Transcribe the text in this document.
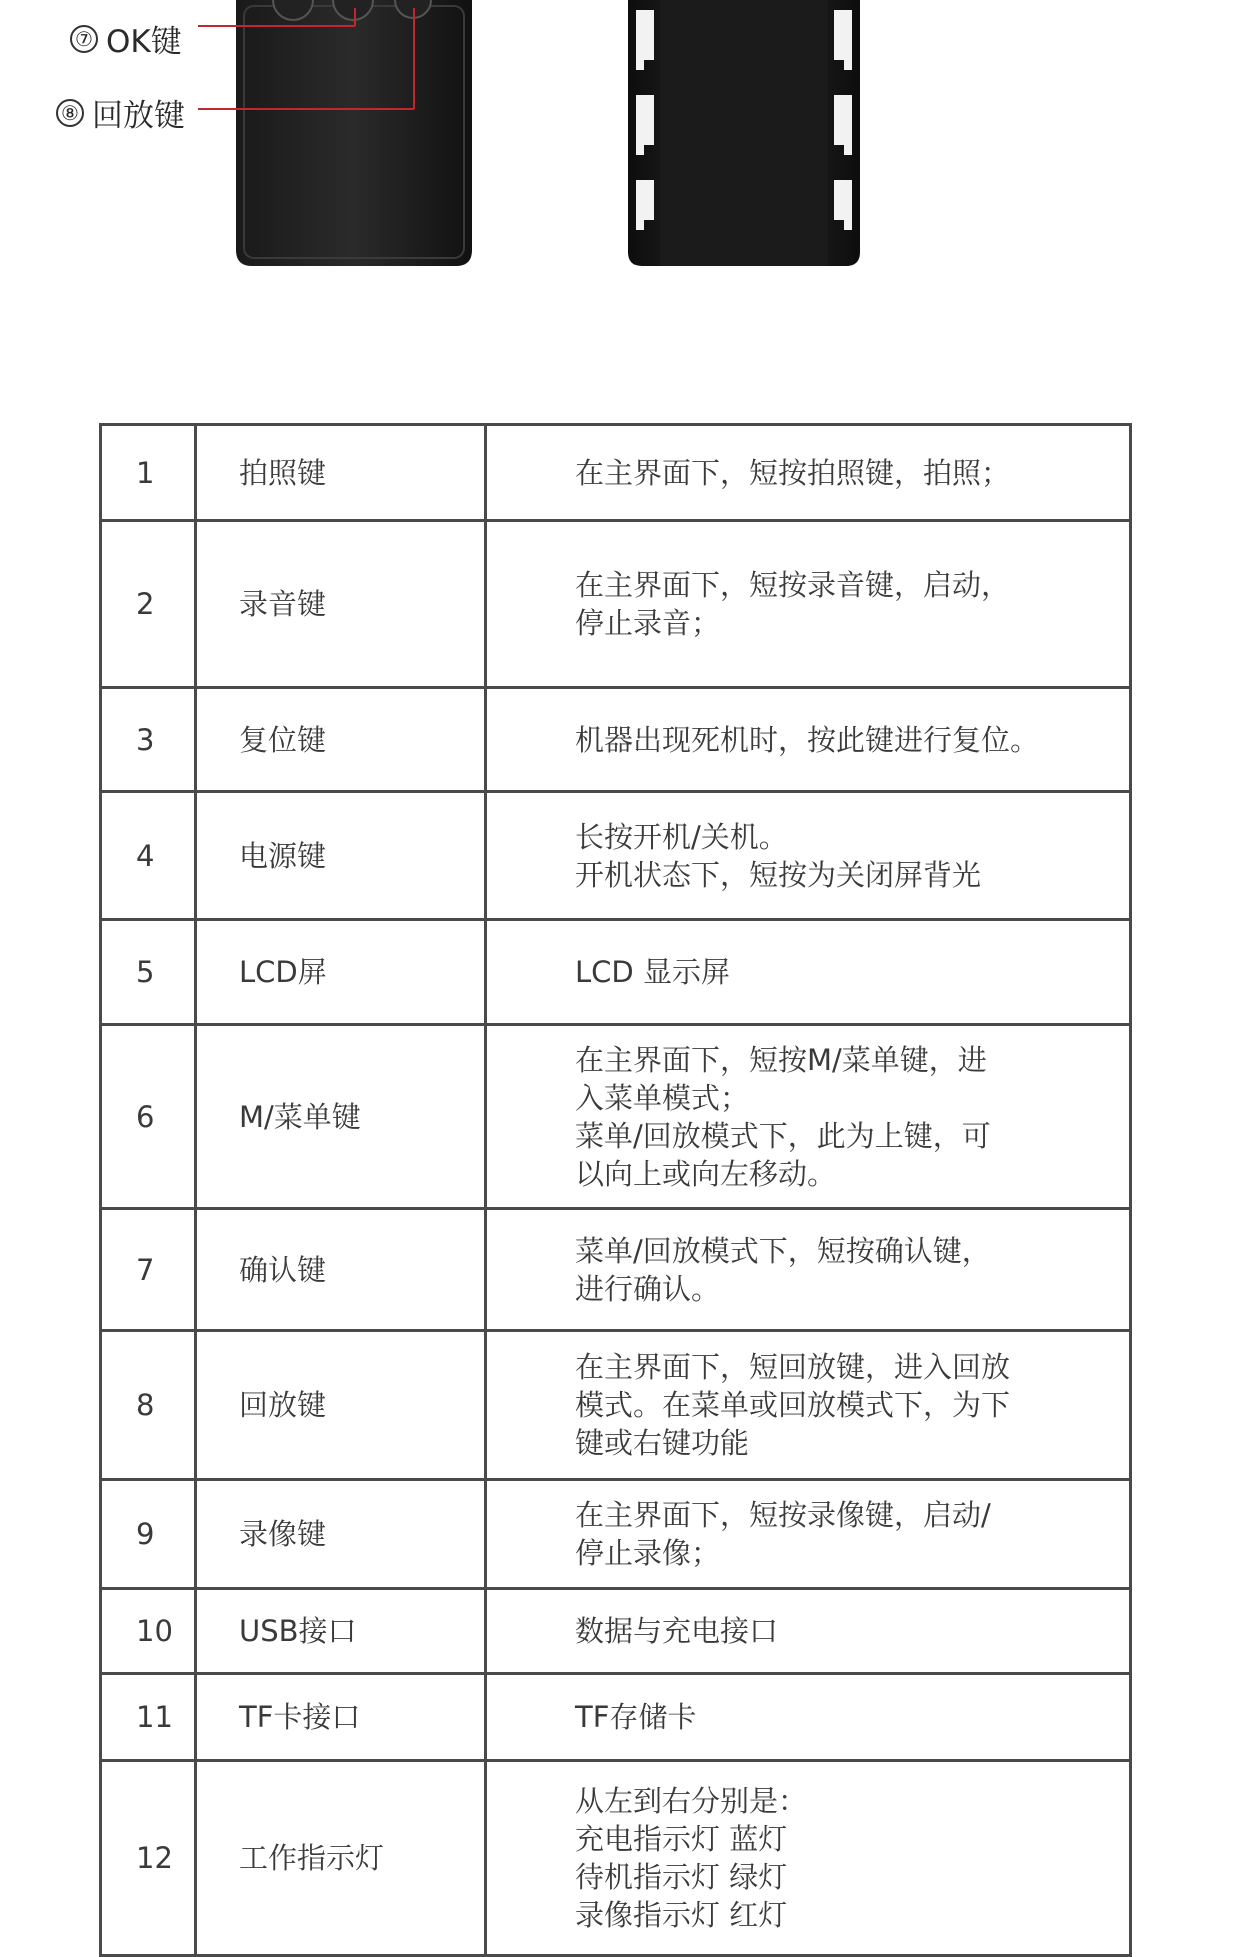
⑦ OK键
⑧ 回放键
1	拍照键	在主界面下，短按拍照键，拍照；
2	录音键	在主界面下，短按录音键，启动，
停止录音；
3	复位键	机器出现死机时，按此键进行复位。
4	电源键	长按开机/关机。
开机状态下，短按为关闭屏背光
5	LCD屏	LCD 显示屏
6	M/菜单键	在主界面下，短按M/菜单键，进
入菜单模式；
菜单/回放模式下，此为上键，可
以向上或向左移动。
7	确认键	菜单/回放模式下，短按确认键，
进行确认。
8	回放键	在主界面下，短回放键，进入回放
模式。在菜单或回放模式下，为下
键或右键功能
9	录像键	在主界面下，短按录像键，启动/
停止录像；
10	USB接口	数据与充电接口
11	TF卡接口	TF存储卡
12	工作指示灯	从左到右分别是：
充电指示灯 蓝灯
待机指示灯 绿灯
录像指示灯 红灯
